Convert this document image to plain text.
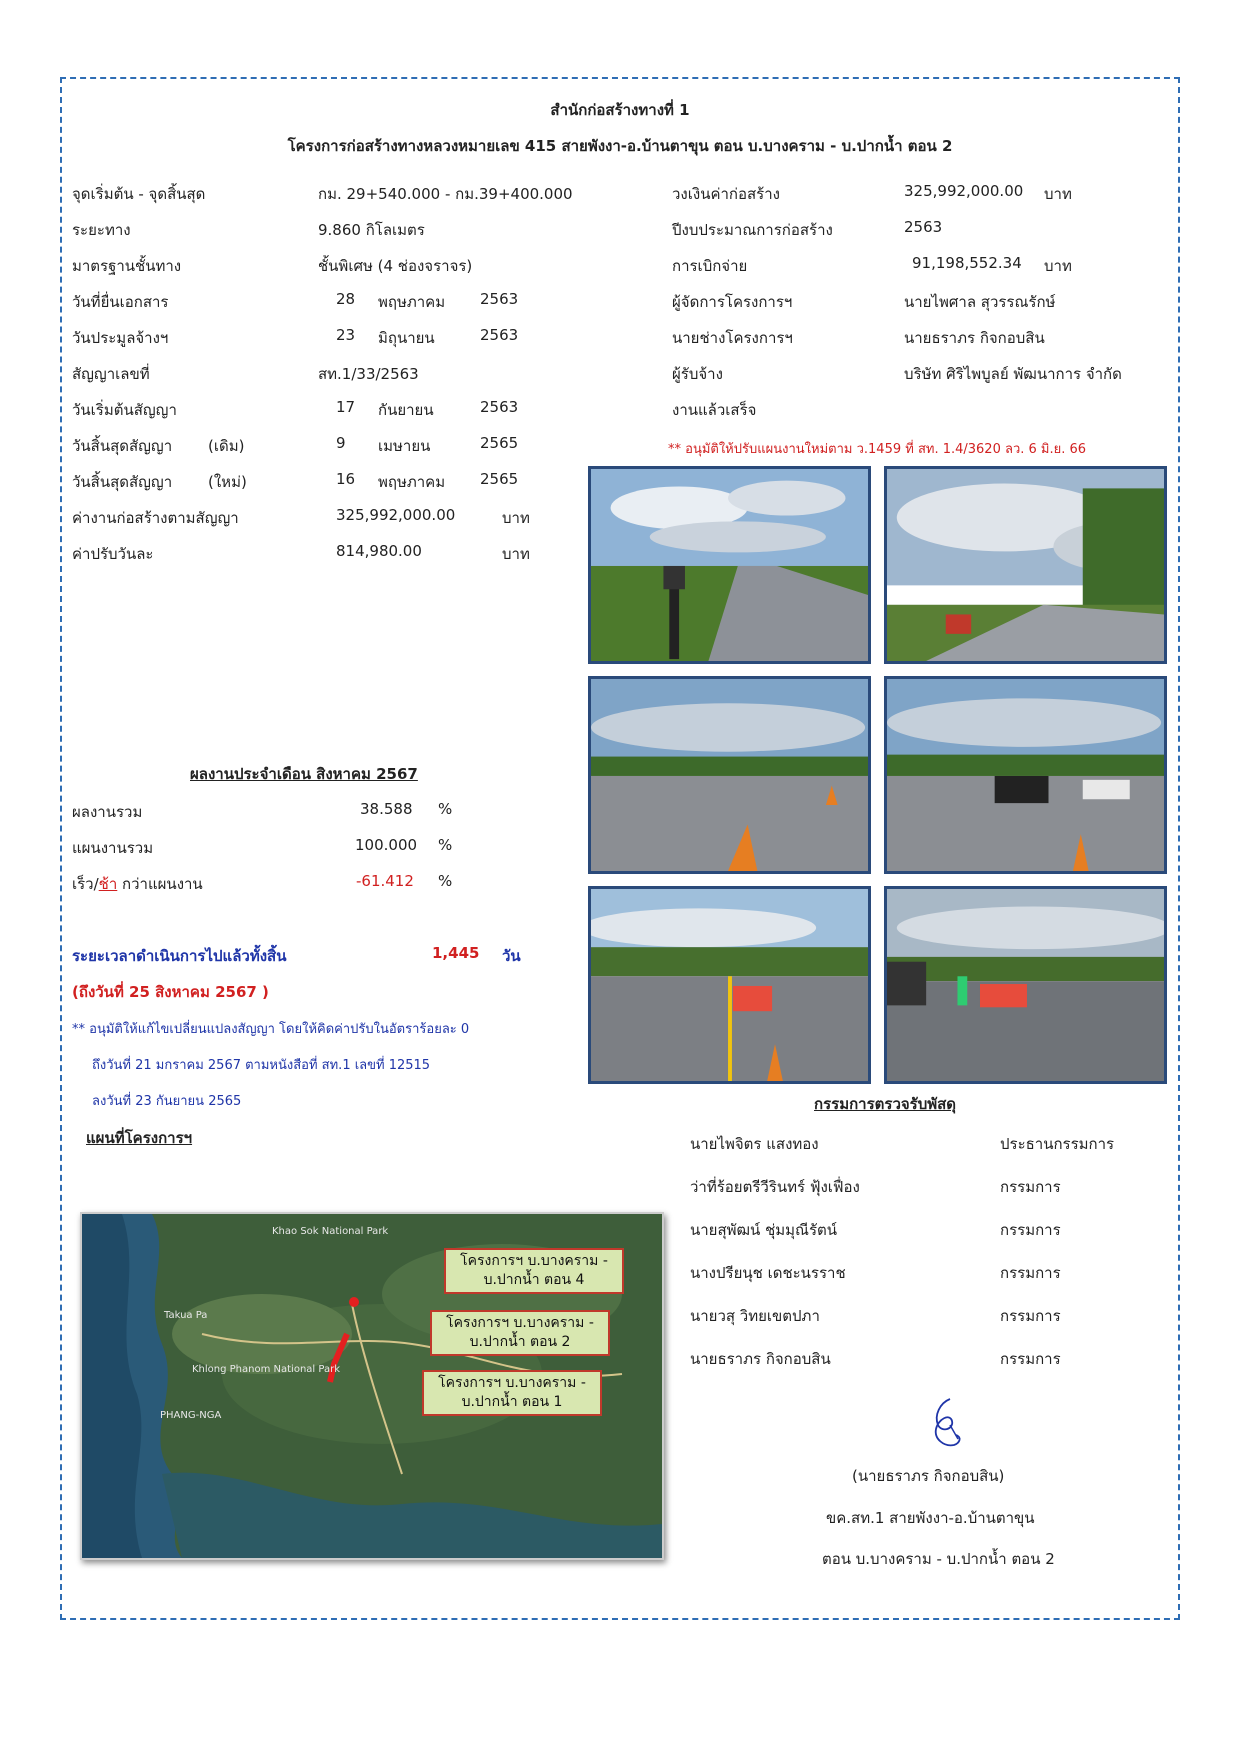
สำนักก่อสร้างทางที่ 1
โครงการก่อสร้างทางหลวงหมายเลข 415 สายพังงา-อ.บ้านตาขุน ตอน บ.บางคราม - บ.ปากน้ำ ตอน 2
จุดเริ่มต้น - จุดสิ้นสุด	กม. 29+540.000 - กม.39+400.000
ระยะทาง	9.860 กิโลเมตร
มาตรฐานชั้นทาง	ชั้นพิเศษ (4 ช่องจราจร)
วันที่ยื่นเอกสาร	28 พฤษภาคม 2563
วันประมูลจ้างฯ	23 มิถุนายน	2563
สัญญาเลขที่	สท.1/33/2563
วันเริ่มต้นสัญญา	17 กันยายน	2563
วันสิ้นสุดสัญญา (เดิม)	9 เมษายน	2565
วันสิ้นสุดสัญญา (ใหม่)	16 พฤษภาคม 2565
ค่างานก่อสร้างตามสัญญา	325,992,000.00	บาท
ค่าปรับวันละ	814,980.00	บาท
วงเงินค่าก่อสร้าง	325,992,000.00 บาท
ปีงบประมาณการก่อสร้าง	2563
การเบิกจ่าย	91,198,552.34 บาท
ผู้จัดการโครงการฯ	นายไพศาล สุวรรณรักษ์
นายช่างโครงการฯ	นายธราภร กิจกอบสิน
ผู้รับจ้าง	บริษัท ศิริไพบูลย์ พัฒนาการ จำกัด
งานแล้วเสร็จ
** อนุมัติให้ปรับแผนงานใหม่ตาม ว.1459 ที่ สท. 1.4/3620 ลว. 6 มิ.ย. 66
ผลงานประจำเดือน สิงหาคม 2567
ผลงานรวม	38.588 %
แผนงานรวม	100.000 %
เร็ว/ช้า กว่าแผนงาน	-61.412 %
ระยะเวลาดำเนินการไปแล้วทั้งสิ้น	1,445 วัน
(ถึงวันที่ 25 สิงหาคม 2567 )
** อนุมัติให้แก้ไขเปลี่ยนแปลงสัญญา โดยให้คิดค่าปรับในอัตราร้อยละ 0
ถึงวันที่ 21 มกราคม 2567 ตามหนังสือที่ สท.1 เลขที่ 12515
ลงวันที่ 23 กันยายน 2565
แผนที่โครงการฯ
Khao Sok National Park
Khlong Phanom National Park
Takua Pa
PHANG-NGA
โครงการฯ บ.บางคราม -
บ.ปากน้ำ ตอน 4
โครงการฯ บ.บางคราม -
บ.ปากน้ำ ตอน 2
โครงการฯ บ.บางคราม -
บ.ปากน้ำ ตอน 1
กรรมการตรวจรับพัสดุ
นายไพจิตร แสงทอง	ประธานกรรมการ
ว่าที่ร้อยตรีวีรินทร์ ฟุ้งเฟื่อง	กรรมการ
นายสุพัฒน์ ชุ่มมุณีรัตน์	กรรมการ
นางปรียนุช เดชะนรราช	กรรมการ
นายวสุ วิทยเขตปภา	กรรมการ
นายธราภร กิจกอบสิน	กรรมการ
(นายธราภร กิจกอบสิน)
ขค.สท.1 สายพังงา-อ.บ้านตาขุน
ตอน บ.บางคราม - บ.ปากน้ำ ตอน 2
